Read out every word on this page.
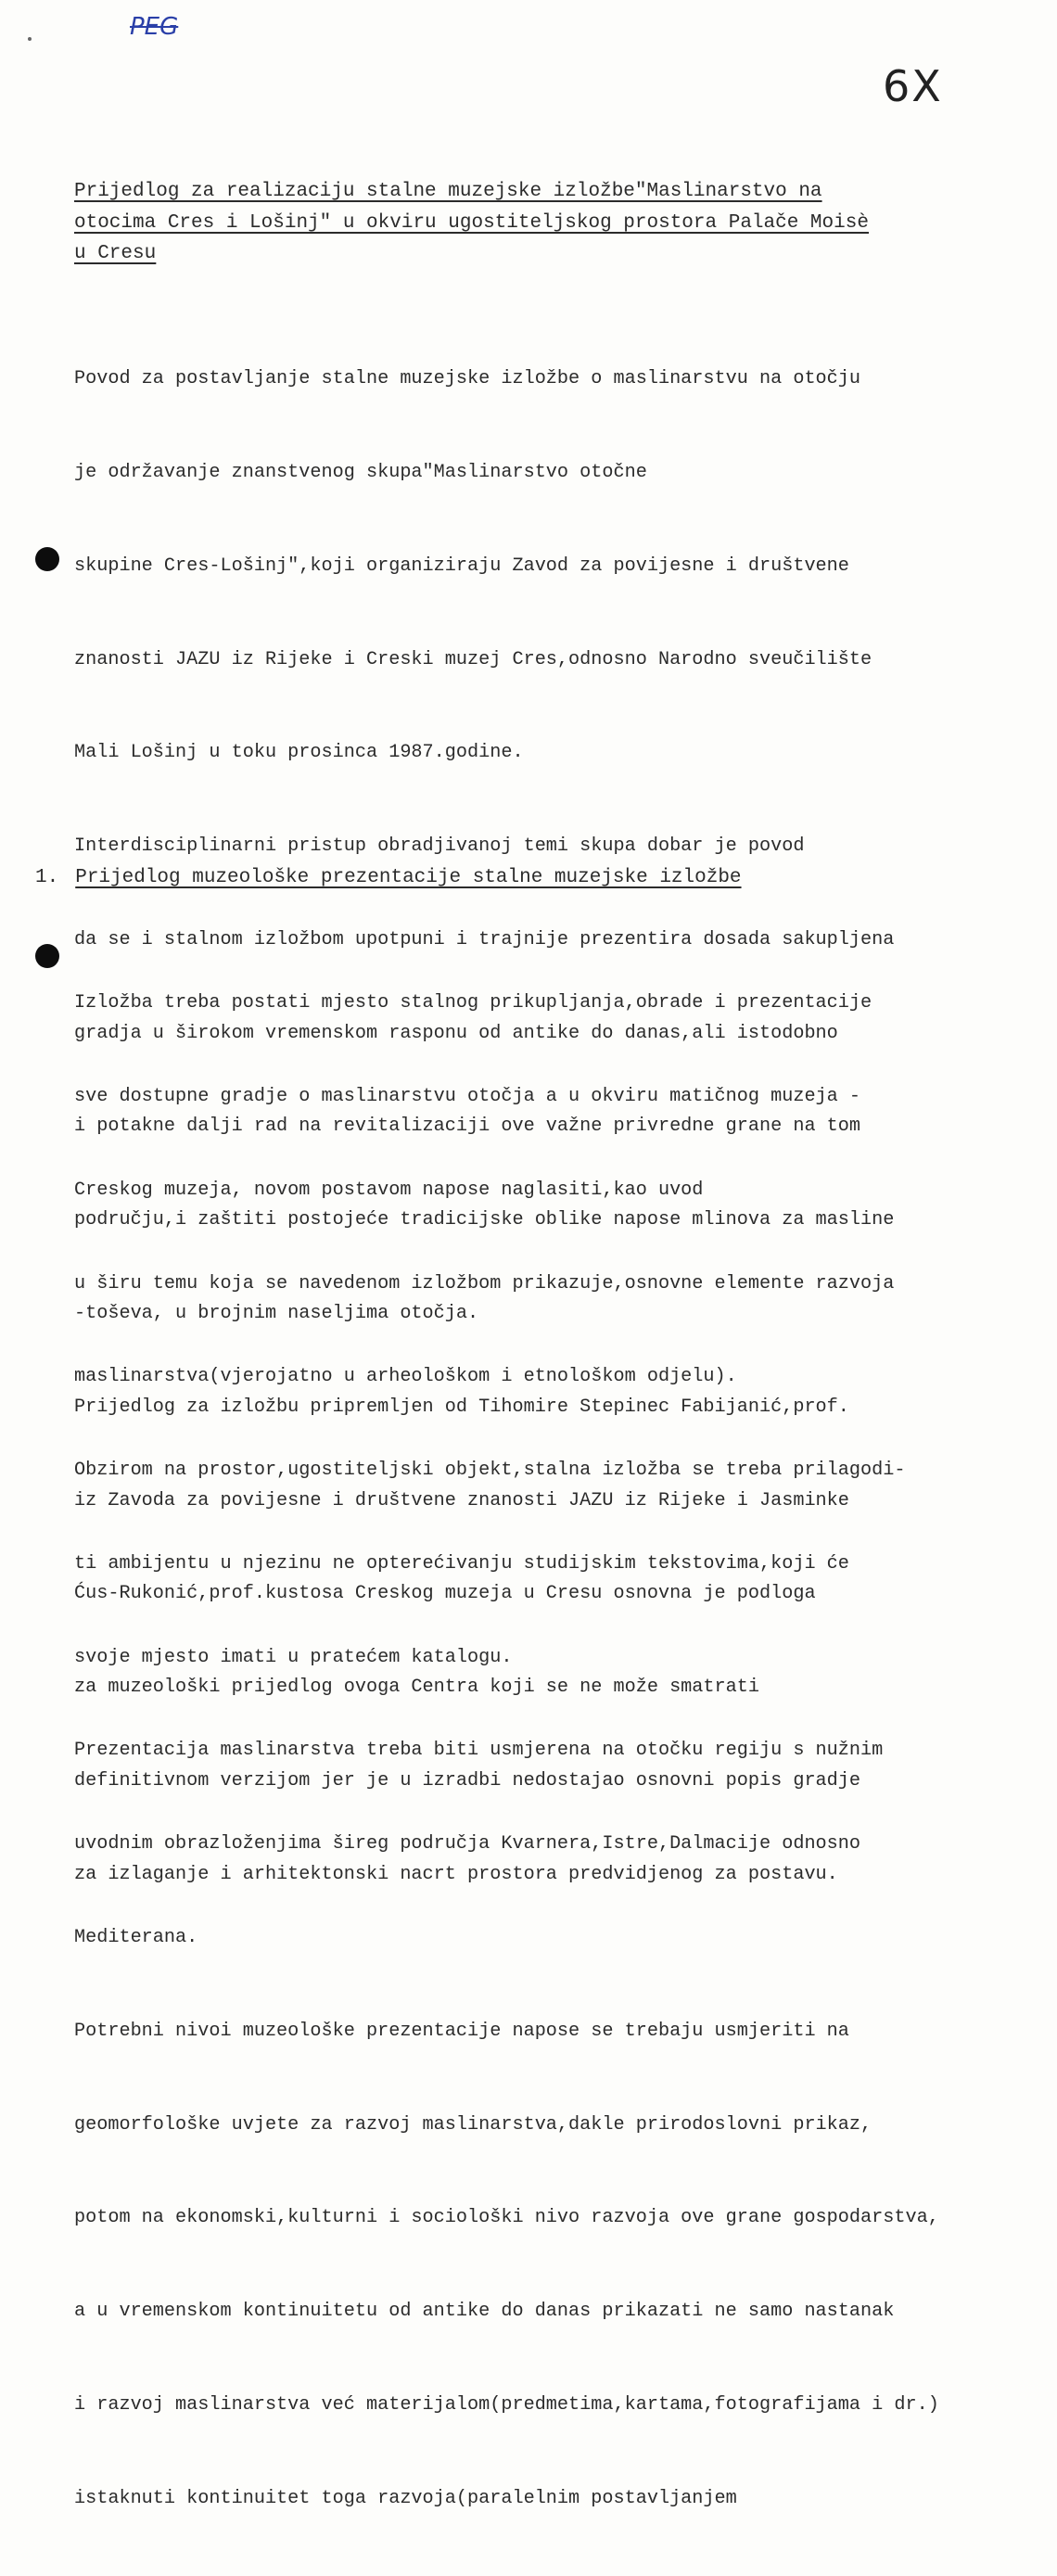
PEG
6X
Prijedlog za realizaciju stalne muzejske izložbe"Maslinarstvo na
otocima Cres i Lošinj" u okviru ugostiteljskog prostora Palače Moisè
u Cresu

Povod za postavljanje stalne muzejske izložbe o maslinarstvu na otočju

je održavanje znanstvenog skupa"Maslinarstvo otočne

skupine Cres-Lošinj",koji organiziraju Zavod za povijesne i društvene

znanosti JAZU iz Rijeke i Creski muzej Cres,odnosno Narodno sveučilište

Mali Lošinj u toku prosinca 1987.godine.

Interdisciplinarni pristup obradjivanoj temi skupa dobar je povod

da se i stalnom izložbom upotpuni i trajnije prezentira dosada sakupljena

gradja u širokom vremenskom rasponu od antike do danas,ali istodobno

i potakne dalji rad na revitalizaciji ove važne privredne grane na tom

području,i zaštiti postojeće tradicijske oblike napose mlinova za masline

-toševa, u brojnim naseljima otočja.

Prijedlog za izložbu pripremljen od Tihomire Stepinec Fabijanić,prof.

iz Zavoda za povijesne i društvene znanosti JAZU iz Rijeke i Jasminke

Ćus-Rukonić,prof.kustosa Creskog muzeja u Cresu osnovna je podloga

za muzeološki prijedlog ovoga Centra koji se ne može smatrati

definitivnom verzijom jer je u izradbi nedostajao osnovni popis gradje

za izlaganje i arhitektonski nacrt prostora predvidjenog za postavu.

1. Prijedlog muzeološke prezentacije stalne muzejske izložbe

Izložba treba postati mjesto stalnog prikupljanja,obrade i prezentacije

sve dostupne gradje o maslinarstvu otočja a u okviru matičnog muzeja -

Creskog muzeja, novom postavom napose naglasiti,kao uvod

u širu temu koja se navedenom izložbom prikazuje,osnovne elemente razvoja

maslinarstva(vjerojatno u arheološkom i etnološkom odjelu).

Obzirom na prostor,ugostiteljski objekt,stalna izložba se treba prilagodi-

ti ambijentu u njezinu ne opterećivanju studijskim tekstovima,koji će

svoje mjesto imati u pratećem katalogu.

Prezentacija maslinarstva treba biti usmjerena na otočku regiju s nužnim

uvodnim obrazloženjima šireg područja Kvarnera,Istre,Dalmacije odnosno

Mediterana.

Potrebni nivoi muzeološke prezentacije napose se trebaju usmjeriti na

geomorfološke uvjete za razvoj maslinarstva,dakle prirodoslovni prikaz,

potom na ekonomski,kulturni i sociološki nivo razvoja ove grane gospodarstva,

a u vremenskom kontinuitetu od antike do danas prikazati ne samo nastanak

i razvoj maslinarstva već materijalom(predmetima,kartama,fotografijama i dr.)

istaknuti kontinuitet toga razvoja(paralelnim postavljanjem
